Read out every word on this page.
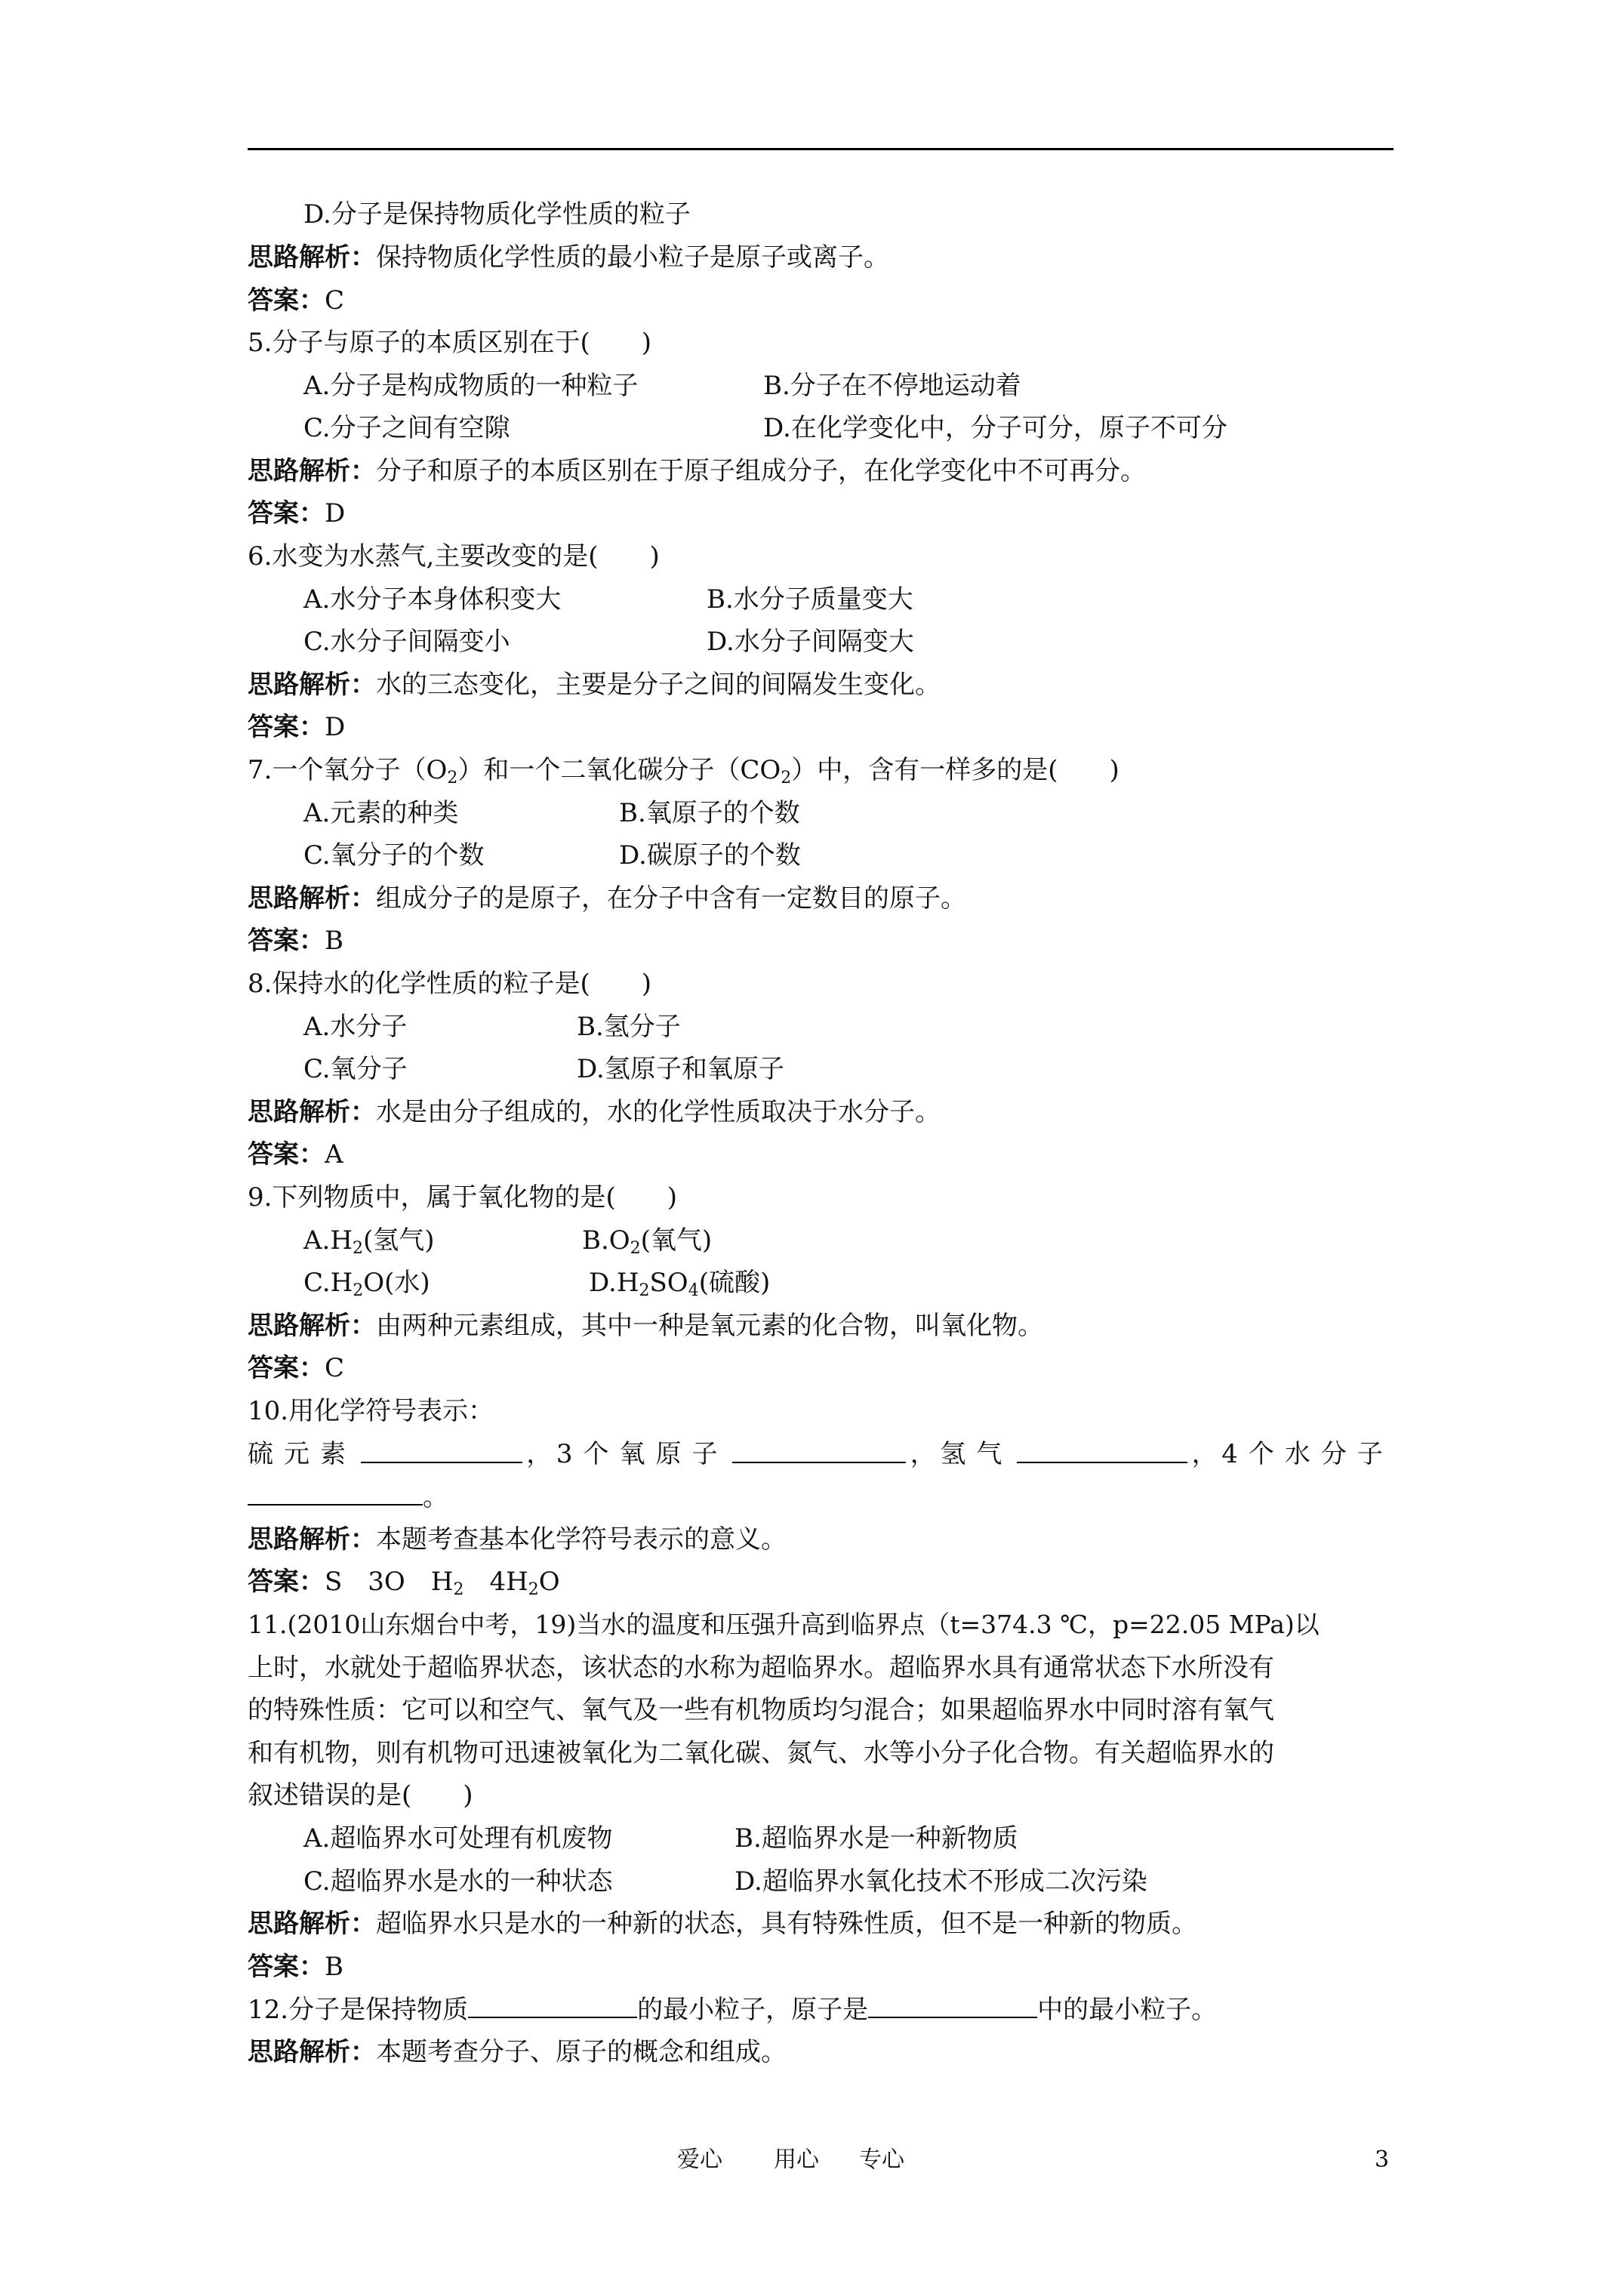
D.分子是保持物质化学性质的粒子
思路解析：保持物质化学性质的最小粒子是原子或离子。
答案：C
5.分子与原子的本质区别在于(　　)
A.分子是构成物质的一种粒子	B.分子在不停地运动着
C.分子之间有空隙	D.在化学变化中，分子可分，原子不可分
思路解析：分子和原子的本质区别在于原子组成分子，在化学变化中不可再分。
答案：D
6.水变为水蒸气,主要改变的是(　　)
A.水分子本身体积变大	B.水分子质量变大
C.水分子间隔变小	D.水分子间隔变大
思路解析：水的三态变化，主要是分子之间的间隔发生变化。
答案：D
7.一个氧分子$(O_2)$和一个二氧化碳分子$(CO_2)$中，含有一样多的是(　　)
A.元素的种类	B.氧原子的个数
C.氧分子的个数	D.碳原子的个数
思路解析：组成分子的是原子，在分子中含有一定数目的原子。
答案：B
8.保持水的化学性质的粒子是(　　)
A.水分子	B.氢分子
C.氧分子	D.氢原子和氧原子
思路解析：水是由分子组成的，水的化学性质取决于水分子。
答案：A
9.下列物质中，属于氧化物的是(　　)
$A.H_2$(氢气)	$B.O_2$(氧气)
$C.H_2O$(水)	$D.H_2SO_4$(硫酸)
思路解析：由两种元素组成，其中一种是氧元素的化合物，叫氧化物。
答案：C
10.用化学符号表示：
硫元素	， 3个氧原子	， 氢气	， 4个水分子
。
思路解析：本题考查基本化学符号表示的意义。
答案：S　3O　$H_2$　$4H_2O$
11.(2010山东烟台中考，19)当水的温度和压强升高到临界点（t=374.3 ℃，p=22.05 MPa)以
上时，水就处于超临界状态，该状态的水称为超临界水。超临界水具有通常状态下水所没有
的特殊性质：它可以和空气、氧气及一些有机物质均匀混合；如果超临界水中同时溶有氧气
和有机物，则有机物可迅速被氧化为二氧化碳、氮气、水等小分子化合物。有关超临界水的
叙述错误的是(　　)
A.超临界水可处理有机废物	B.超临界水是一种新物质
C.超临界水是水的一种状态	D.超临界水氧化技术不形成二次污染
思路解析：超临界水只是水的一种新的状态，具有特殊性质，但不是一种新的物质。
答案：B
12.分子是保持物质	的最小粒子，原子是	中的最小粒子。
思路解析：本题考查分子、原子的概念和组成。
爱心 用心 专心	3
